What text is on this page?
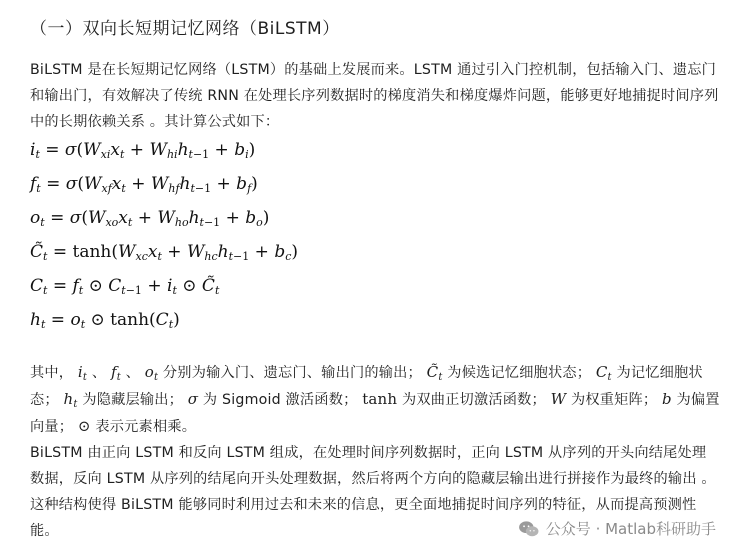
（一）双向长短期记忆网络（BiLSTM）
BiLSTM 是在长短期记忆网络（LSTM）的基础上发展而来。LSTM 通过引入门控机制，包括输入门、遗忘门和输出门，有效解决了传统 RNN 在处理长序列数据时的梯度消失和梯度爆炸问题，能够更好地捕捉时间序列中的长期依赖关系 。其计算公式如下：
$i_t = \sigma(W_{xi}x_t + W_{hi}h_{t-1} + b_i)$
$f_t = \sigma(W_{xf}x_t + W_{hf}h_{t-1} + b_f)$
$o_t = \sigma(W_{xo}x_t + W_{ho}h_{t-1} + b_o)$
$C̃_t = \tanh(W_{xc}x_t + W_{hc}h_{t-1} + b_c)$
$C_t = f_t$ ⊙ $C_{t-1} + i_t$ ⊙ $C̃_t$
$h_t = o_t$ ⊙ $\tanh(C_t)$
其中， $i_t$ 、 $f_t$ 、 $o_t$ 分别为输入门、遗忘门、输出门的输出； $C̃_t$ 为候选记忆细胞状态； $C_t$ 为记忆细胞状态； $h_t$ 为隐藏层输出； σ 为 Sigmoid 激活函数； tanh 为双曲正切激活函数； W 为权重矩阵； b 为偏置向量； ⊙ 表示元素相乘。
BiLSTM 由正向 LSTM 和反向 LSTM 组成，在处理时间序列数据时，正向 LSTM 从序列的开头向结尾处理数据，反向 LSTM 从序列的结尾向开头处理数据，然后将两个方向的隐藏层输出进行拼接作为最终的输出 。这种结构使得 BiLSTM 能够同时利用过去和未来的信息，更全面地捕捉时间序列的特征，从而提高预测性能。	公众号 · Matlab科研助手
